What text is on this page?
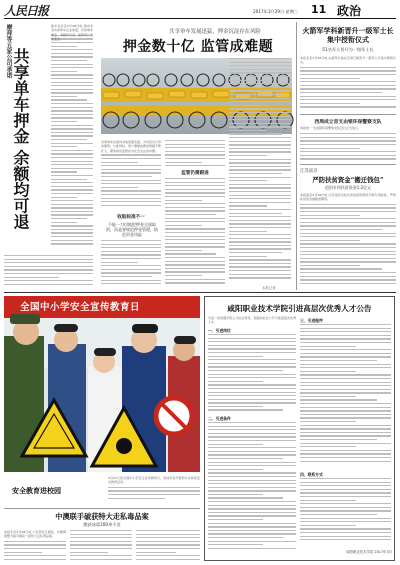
人民日报	2017年3月29日 星期三 11 政治
摩拜等五家公司承诺 共享单车押金 余额均可退
新华社北京3月28日电 国内多家共享单车企业承诺，共享单车押金、余额均可退，保障用户资金安全。
共享单车发展迅猛，押金沉淀存在风险
押金数十亿 监管成难题
共享单车在国内多地迅速发展，为市民出行带来便利。与此同时，用户缴纳的押金规模不断扩大，押金如何监管成为社会关注的问题。
收取标准不一
不能一刀切地把押金全部取消，而是要规范押金管理，防范资金风险
监管仍需跟进
本报记者
火箭军学科新晋升一级军士长集中授衔仪式
51名军人晋升为一级军士长
本报北京3月28日电 火箭军日前在京举行新晋升一级军士长集中授衔仪式。
西周成立首支由银环保警察支队
本报电 一支由银环保警察支队近日正式成立。
江苏南京
严防扶贫资金“搬迁钱包”
追回专项扶贫资金1.2亿元
本报南京3月28日电 江苏南京对扶贫资金使用情况开展专项检查，严防扶贫资金被截留挪用。
全国中小学安全宣传教育日
安全教育进校园
3月27日是全国中小学安全宣传教育日，各地学校开展形式多样的安全教育活动。
中澳联手破获特大走私毒品案
缴获冰毒200余千克
本报北京3月28日电 公安部近日通报，中澳两国警方联手破获一起特大走私毒品案。
咸阳职业技术学院引进高层次优秀人才公告
为进一步加强学院人才队伍建设，现面向社会公开引进高层次优秀人才。
一、引进岗位
二、引进条件
三、引进程序
四、联系方式
咸阳职业技术学院 2017年3月
